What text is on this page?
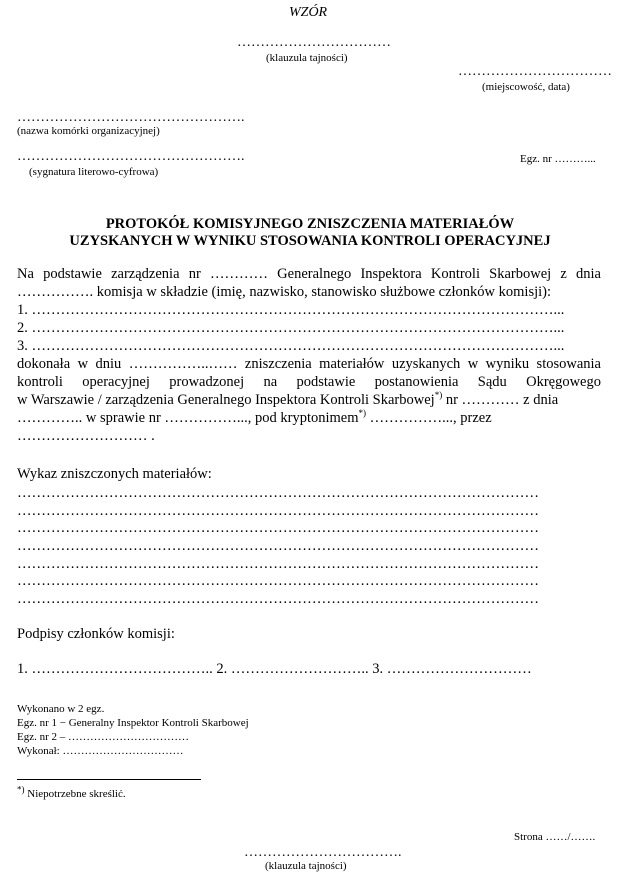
WZÓR
……………………………
(klauzula tajności)
……………………………
(miejscowość, data)
………………………………………….
(nazwa komórki organizacyjnej)
………………………………………….
(sygnatura literowo-cyfrowa)
Egz. nr ………...
PROTOKÓŁ KOMISYJNEGO ZNISZCZENIA MATERIAŁÓW
UZYSKANYCH W WYNIKU STOSOWANIA KONTROLI OPERACYJNEJ
Na podstawie zarządzenia nr ………… Generalnego Inspektora Kontroli Skarbowej z dnia
……………. komisja w składzie (imię, nazwisko, stanowisko służbowe członków komisji):
1. ………………………………………………………………………………………………...
2. ………………………………………………………………………………………………...
3. ………………………………………………………………………………………………...
dokonała w dniu ……………..…… zniszczenia materiałów uzyskanych w wyniku stosowania
kontroli operacyjnej prowadzonej na podstawie postanowienia Sądu Okręgowego
w Warszawie / zarządzenia Generalnego Inspektora Kontroli Skarbowej*) nr ………… z dnia
………….. w sprawie nr ……………..., pod kryptonimem*) ……………..., przez
……………………… .
Wykaz zniszczonych materiałów:
………………………………………………………………………………………………
………………………………………………………………………………………………
………………………………………………………………………………………………
………………………………………………………………………………………………
………………………………………………………………………………………………
………………………………………………………………………………………………
………………………………………………………………………………………………
Podpisy członków komisji:
1. ……………………………….. 2. ……………………….. 3. …………………………
Wykonano w 2 egz.
Egz. nr 1 − Generalny Inspektor Kontroli Skarbowej
Egz. nr 2 – ……………………………
Wykonał: ……………………………
*) Niepotrzebne skreślić.
Strona ……/…….
…………………………….
(klauzula tajności)
